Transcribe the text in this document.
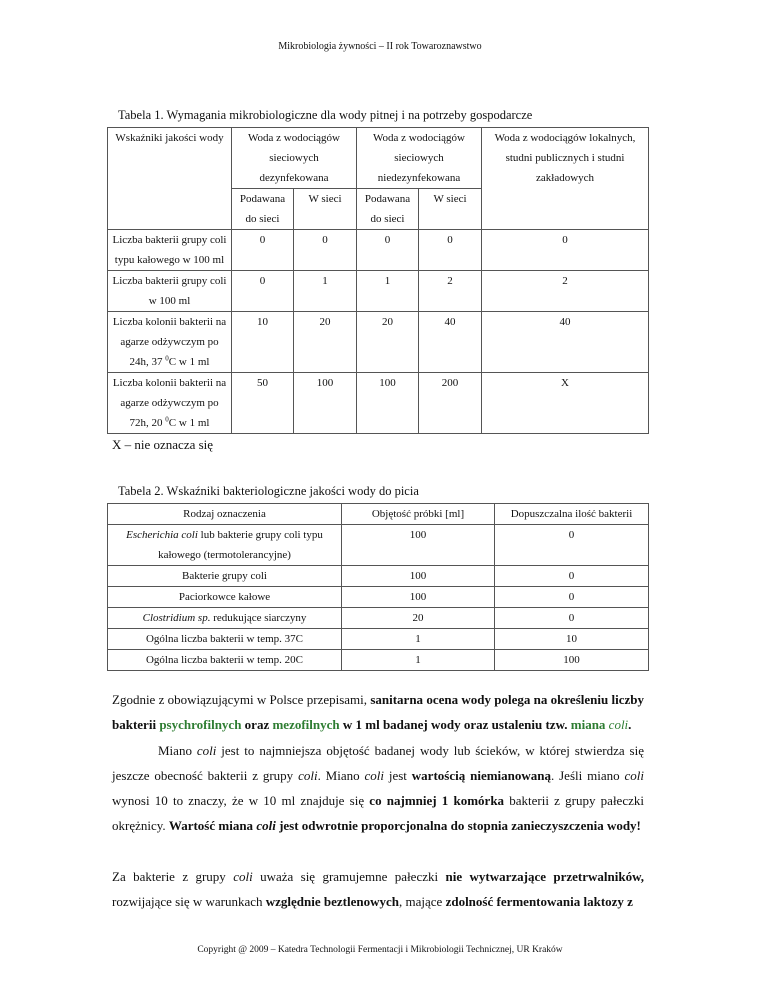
Mikrobiologia żywności – II rok Towaroznawstwo
Tabela 1. Wymagania mikrobiologiczne dla wody pitnej i na potrzeby gospodarcze
Wskaźniki jakości wody	Woda z wodociągów sieciowych dezynfekowana		Woda z wodociągów sieciowych niedezynfekowana		Woda z wodociągów lokalnych, studni publicznych i studni zakładowych
	Podawana do sieci	W sieci	Podawana do sieci	W sieci	
Liczba bakterii grupy coli typu kałowego w 100 ml	0	0	0	0	0
Liczba bakterii grupy coli w 100 ml	0	1	1	2	2
Liczba kolonii bakterii na agarze odżywczym po 24h, 37 $^0$C w 1 ml	10	20	20	40	40
Liczba kolonii bakterii na agarze odżywczym po 72h, 20 $^0$C w 1 ml	50	100	100	200	X
X – nie oznacza się
Tabela 2. Wskaźniki bakteriologiczne jakości wody do picia
Rodzaj oznaczenia	Objętość próbki [ml]	Dopuszczalna ilość bakterii
Escherichia coli lub bakterie grupy coli typu kałowego (termotolerancyjne)	100	0
Bakterie grupy coli	100	0
Paciorkowce kałowe	100	0
Clostridium sp. redukujące siarczyny	20	0
Ogólna liczba bakterii w temp. 37C	1	10
Ogólna liczba bakterii w temp. 20C	1	100
Zgodnie z obowiązującymi w Polsce przepisami, sanitarna ocena wody polega na określeniu liczby bakterii psychrofilnych oraz mezofilnych w 1 ml badanej wody oraz ustaleniu tzw. miana coli.
Miano coli jest to najmniejsza objętość badanej wody lub ścieków, w której stwierdza się jeszcze obecność bakterii z grupy coli. Miano coli jest wartością niemianowaną. Jeśli miano coli wynosi 10 to znaczy, że w 10 ml znajduje się co najmniej 1 komórka bakterii z grupy pałeczki okrężnicy. Wartość miana coli jest odwrotnie proporcjonalna do stopnia zanieczyszczenia wody!
Za bakterie z grupy coli uważa się gramujemne pałeczki nie wytwarzające przetrwalników, rozwijające się w warunkach względnie beztlenowych, mające zdolność fermentowania laktozy z
Copyright @ 2009 – Katedra Technologii Fermentacji i Mikrobiologii Technicznej, UR Kraków
